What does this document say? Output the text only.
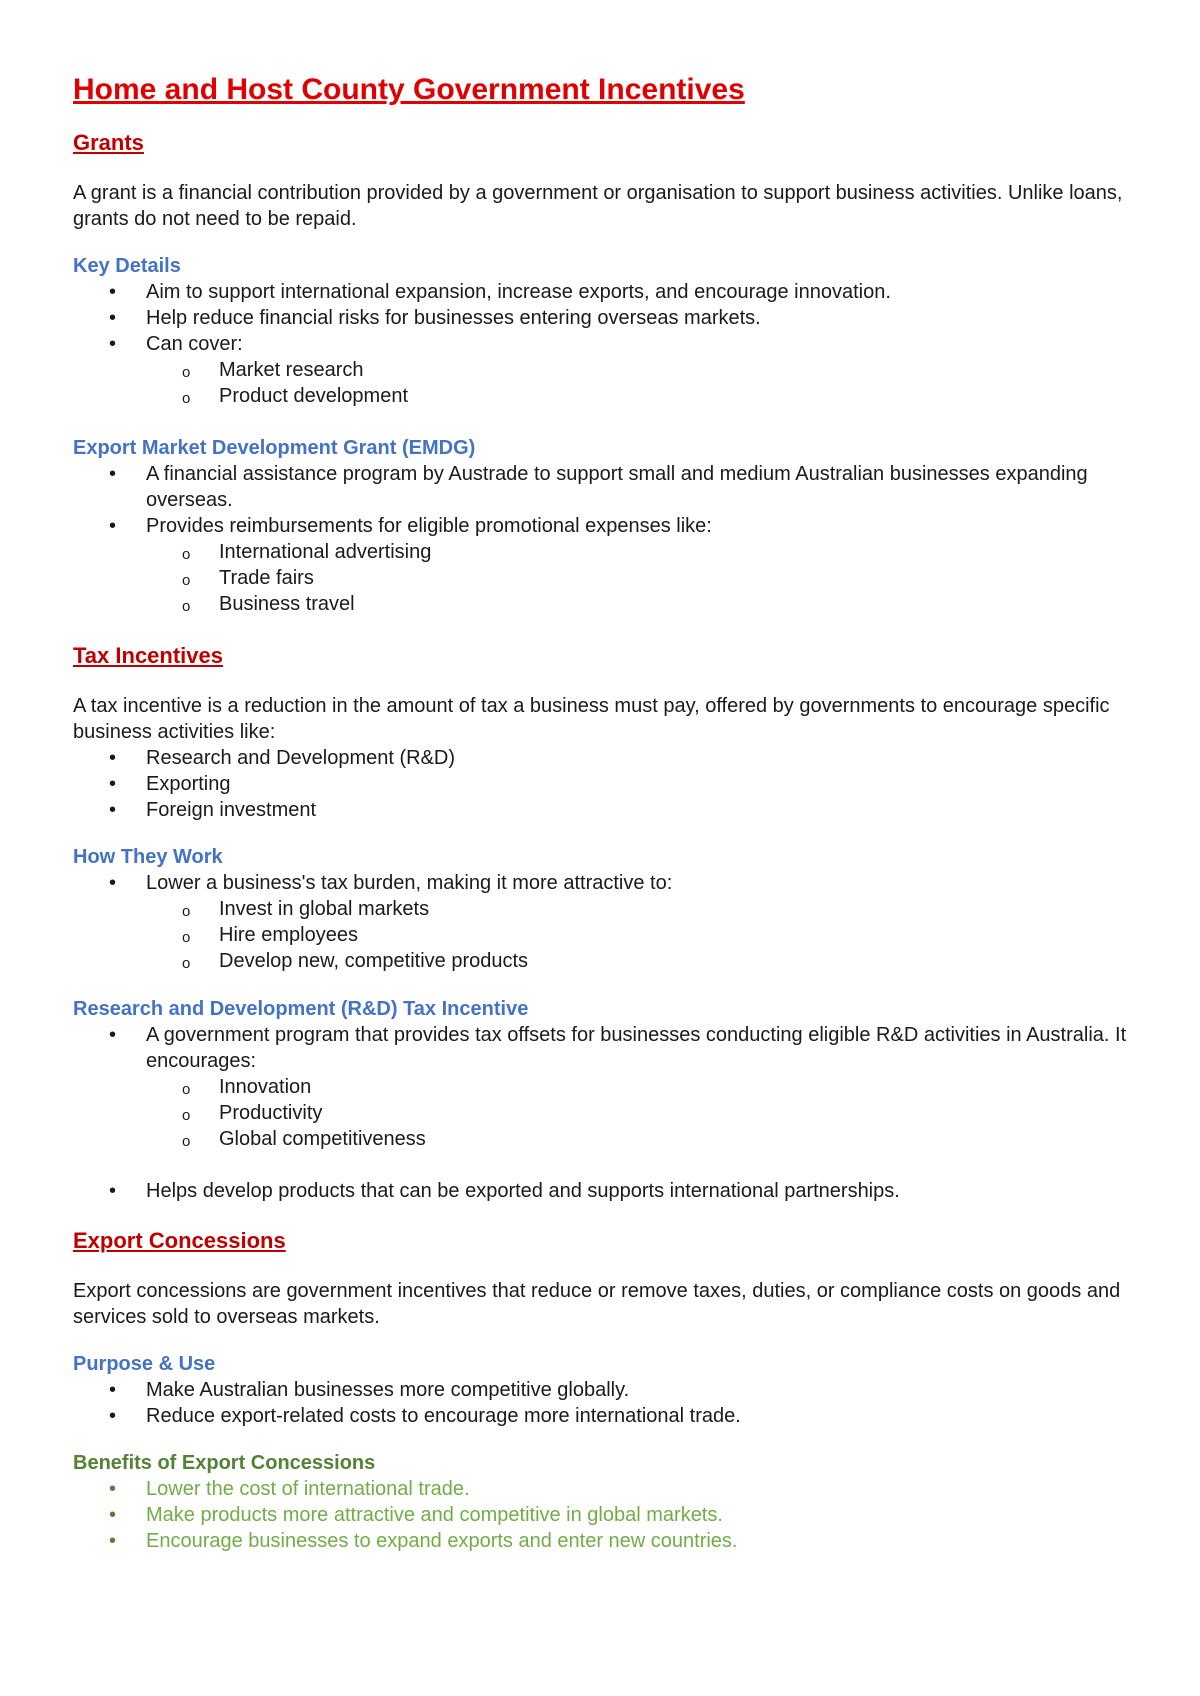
Home and Host County Government Incentives
Grants

A grant is a financial contribution provided by a government or organisation to support business activities. Unlike loans, grants do not need to be repaid.

Key Details
• Aim to support international expansion, increase exports, and encourage innovation.
• Help reduce financial risks for businesses entering overseas markets.
• Can cover:
o Market research
o Product development
Export Market Development Grant (EMDG)
• A financial assistance program by Austrade to support small and medium Australian businesses expanding overseas.
• Provides reimbursements for eligible promotional expenses like:
o International advertising
o Trade fairs
o Business travel
Tax Incentives

A tax incentive is a reduction in the amount of tax a business must pay, offered by governments to encourage specific business activities like:

• Research and Development (R&D)
• Exporting
• Foreign investment
How They Work
• Lower a business's tax burden, making it more attractive to:
o Invest in global markets
o Hire employees
o Develop new, competitive products
Research and Development (R&D) Tax Incentive
• A government program that provides tax offsets for businesses conducting eligible R&D activities in Australia. It encourages:
o Innovation
o Productivity
o Global competitiveness
• Helps develop products that can be exported and supports international partnerships.
Export Concessions

Export concessions are government incentives that reduce or remove taxes, duties, or compliance costs on goods and services sold to overseas markets.

Purpose & Use
• Make Australian businesses more competitive globally.
• Reduce export-related costs to encourage more international trade.
Benefits of Export Concessions
• Lower the cost of international trade.
• Make products more attractive and competitive in global markets.
• Encourage businesses to expand exports and enter new countries.
